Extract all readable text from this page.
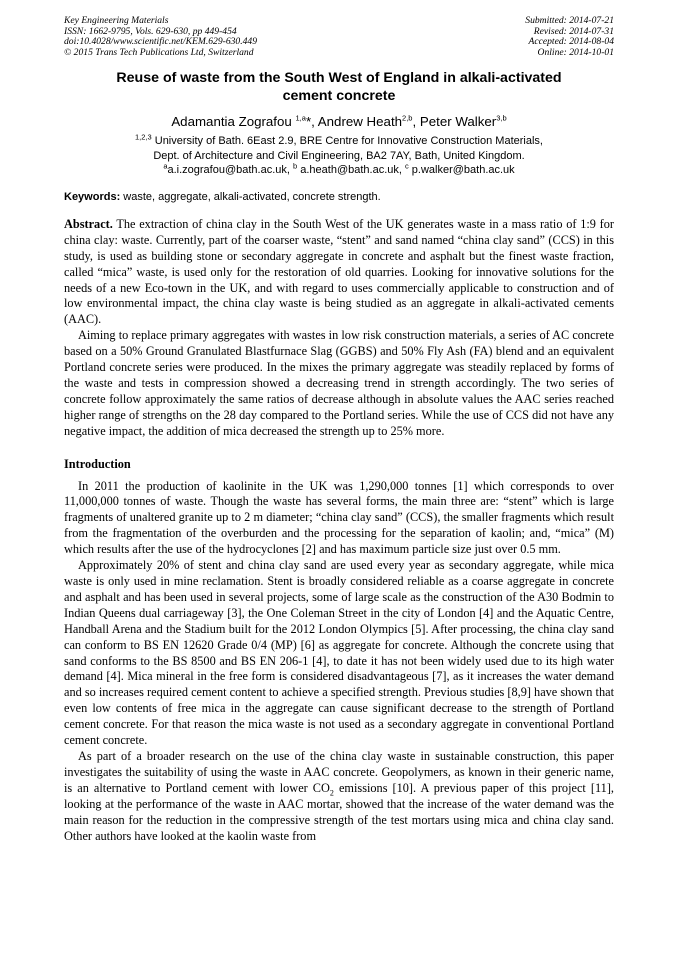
Key Engineering Materials
ISSN: 1662-9795, Vols. 629-630, pp 449-454
doi:10.4028/www.scientific.net/KEM.629-630.449
© 2015 Trans Tech Publications Ltd, Switzerland
Submitted: 2014-07-21
Revised: 2014-07-31
Accepted: 2014-08-04
Online: 2014-10-01
Reuse of waste from the South West of England in alkali-activated
cement concrete
Adamantia Zografou $^{1,a}$*, Andrew Heath$^{2,b}$, Peter Walker$^{3,b}$
$^{1,2,3}$ University of Bath. 6East 2.9, BRE Centre for Innovative Construction Materials,
Dept. of Architecture and Civil Engineering, BA2 7AY, Bath, United Kingdom.
$^a$a.i.zografou@bath.ac.uk, $^b$ a.heath@bath.ac.uk, $^c$ p.walker@bath.ac.uk
Keywords: waste, aggregate, alkali-activated, concrete strength.

Abstract. The extraction of china clay in the South West of the UK generates waste in a mass ratio of 1:9 for china clay: waste. Currently, part of the coarser waste, “stent” and sand named “china clay sand” (CCS) in this study, is used as building stone or secondary aggregate in concrete and asphalt but the finest waste fraction, called “mica” waste, is used only for the restoration of old quarries. Looking for innovative solutions for the needs of a new Eco-town in the UK, and with regard to uses commercially applicable to construction and of low environmental impact, the china clay waste is being studied as an aggregate in alkali-activated cements (AAC).

Aiming to replace primary aggregates with wastes in low risk construction materials, a series of AC concrete based on a 50% Ground Granulated Blastfurnace Slag (GGBS) and 50% Fly Ash (FA) blend and an equivalent Portland concrete series were produced. In the mixes the primary aggregate was steadily replaced by forms of the waste and tests in compression showed a decreasing trend in strength accordingly. The two series of concrete follow approximately the same ratios of decrease although in absolute values the AAC series reached higher range of strengths on the 28 day compared to the Portland series. While the use of CCS did not have any negative impact, the addition of mica decreased the strength up to 25% more.

Introduction

In 2011 the production of kaolinite in the UK was 1,290,000 tonnes [1] which corresponds to over 11,000,000 tonnes of waste. Though the waste has several forms, the main three are: “stent” which is large fragments of unaltered granite up to 2 m diameter; “china clay sand” (CCS), the smaller fragments which result from the fragmentation of the overburden and the processing for the separation of kaolin; and, “mica” (M) which results after the use of the hydrocyclones [2] and has maximum particle size just over 0.5 mm.

Approximately 20% of stent and china clay sand are used every year as secondary aggregate, while mica waste is only used in mine reclamation. Stent is broadly considered reliable as a coarse aggregate in concrete and asphalt and has been used in several projects, some of large scale as the construction of the A30 Bodmin to Indian Queens dual carriageway [3], the One Coleman Street in the city of London [4] and the Aquatic Centre, Handball Arena and the Stadium built for the 2012 London Olympics [5]. After processing, the china clay sand can conform to BS EN 12620 Grade 0/4 (MP) [6] as aggregate for concrete. Although the concrete using that sand conforms to the BS 8500 and BS EN 206-1 [4], to date it has not been widely used due to its high water demand [4]. Mica mineral in the free form is considered disadvantageous [7], as it increases the water demand and so increases required cement content to achieve a specified strength. Previous studies [8,9] have shown that even low contents of free mica in the aggregate can cause significant decrease to the strength of Portland cement concrete. For that reason the mica waste is not used as a secondary aggregate in conventional Portland cement concrete.

As part of a broader research on the use of the china clay waste in sustainable construction, this paper investigates the suitability of using the waste in AAC concrete. Geopolymers, as known in their generic name, is an alternative to Portland cement with lower $CO_2$ emissions [10]. A previous paper of this project [11], looking at the performance of the waste in AAC mortar, showed that the increase of the water demand was the main reason for the reduction in the compressive strength of the test mortars using mica and china clay sand. Other authors have looked at the kaolin waste from
